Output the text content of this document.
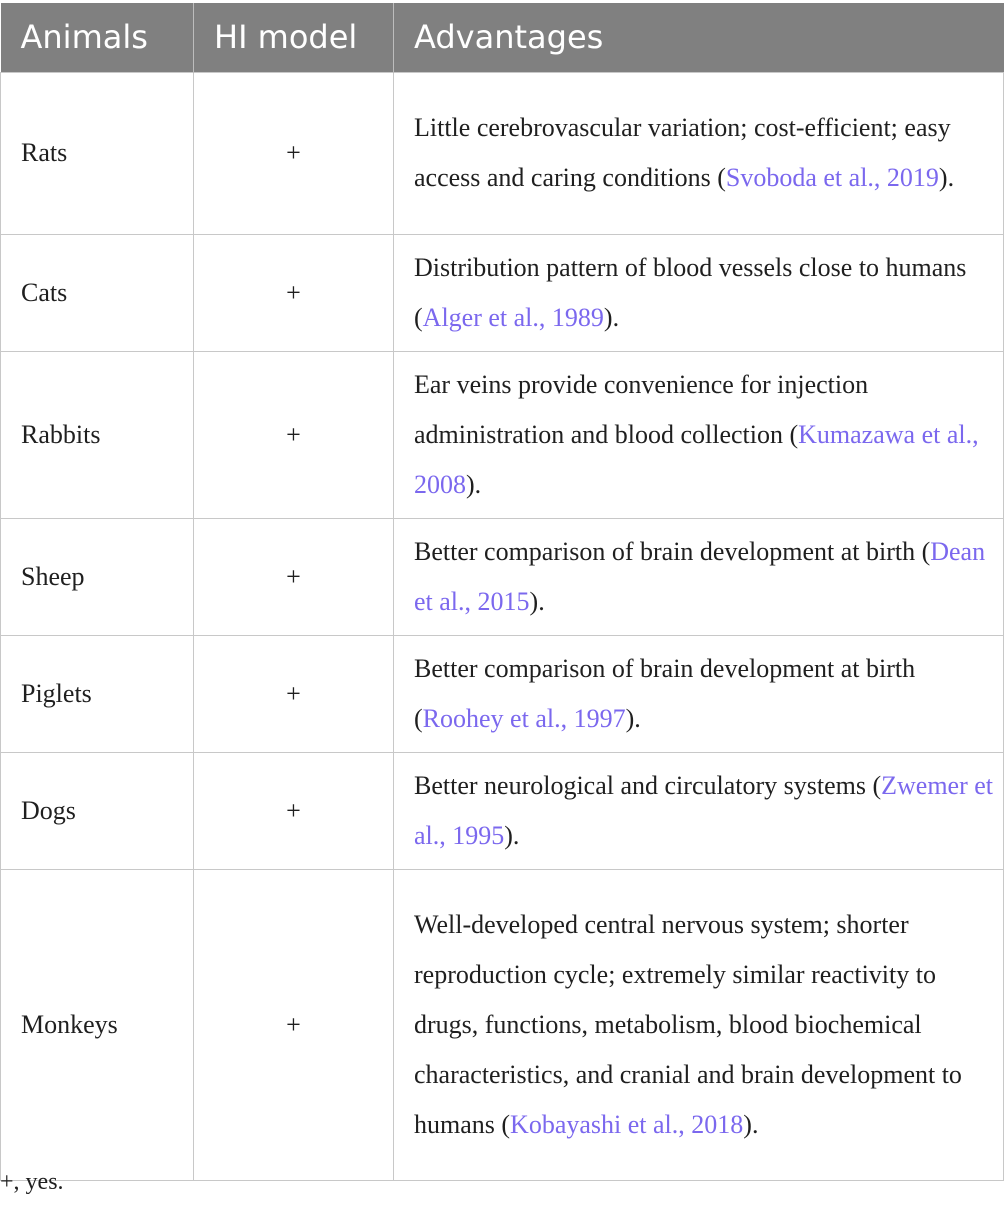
Animals	HI model	Advantages
Rats	+	Little cerebrovascular variation; cost-efficient; easy access and caring conditions (Svoboda et al., 2019).
Cats	+	Distribution pattern of blood vessels close to humans (Alger et al., 1989).
Rabbits	+	Ear veins provide convenience for injection administration and blood collection (Kumazawa et al., 2008).
Sheep	+	Better comparison of brain development at birth (Dean et al., 2015).
Piglets	+	Better comparison of brain development at birth (Roohey et al., 1997).
Dogs	+	Better neurological and circulatory systems (Zwemer et al., 1995).
Monkeys	+	Well-developed central nervous system; shorter reproduction cycle; extremely similar reactivity to drugs, functions, metabolism, blood biochemical characteristics, and cranial and brain development to humans (Kobayashi et al., 2018).
+, yes.
